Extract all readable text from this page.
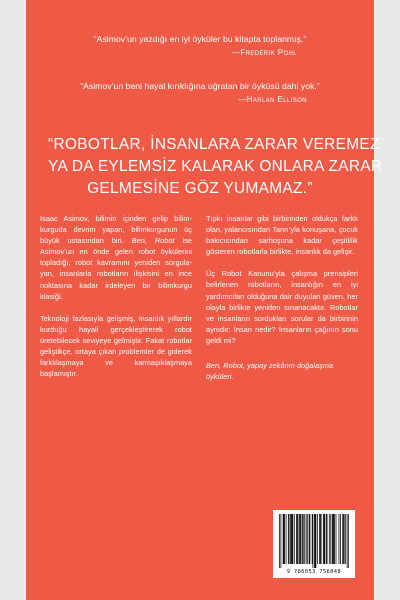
“Asimov’un yazdığı en iyi öyküler bu kitapta toplanmış.”
—Frederik Pohl
“Asimov’un beni hayal kırıklığına uğratan bir öyküsü dahi yok.”
—Harlan Ellison
“ROBOTLAR, İNSANLARA ZARAR VEREMEZ
YA DA EYLEMSİZ KALARAK ONLARA ZARAR
GELMESİNE GÖZ YUMAMAZ.”

Isaac Asimov, bilimin içinden gelip bilimkurguda devrim yapan, bilimkurgunun üç büyük ustasından biri. Ben, Robot ise Asimov’un en önde gelen robot öykülerini topladığı, robot kavramını yeniden sorgulayan, insanlarla robotların ilişkisini en ince noktasına kadar irdeleyen bir bilimkurgu klasiği.

Teknoloji fazlasıyla gelişmiş, insanlık yıllardır kurduğu hayali gerçekleştirerek robot üretebilecek seviyeye gelmiştir. Fakat robotlar geliştikçe, ortaya çıkan problemler de giderek farklılaşmaya ve karmaşıklaşmaya başlamıştır.

Tıpkı insanlar gibi birbirinden oldukça farklı olan, yalancısından Tanrı’yla konuşana, çocuk bakıcısından sarhoşuna kadar çeşitlilik gösteren robotlarla birlikte, insanlık da gelişir.

Üç Robot Kanunu’yla çalışma prensipleri belirlenen robotların, insanlığın en iyi yardımcıları olduğuna dair duyulan güven, her olayla birlikte yeniden sınanacaktır. Robotlar ve insanların sordukları sorular da birbirinin aynıdır: İnsan nedir? İnsanların çağının sonu geldi mi?

Ben, Robot, yapay zekânın doğalaşma öyküleri.

9 786053 756048
